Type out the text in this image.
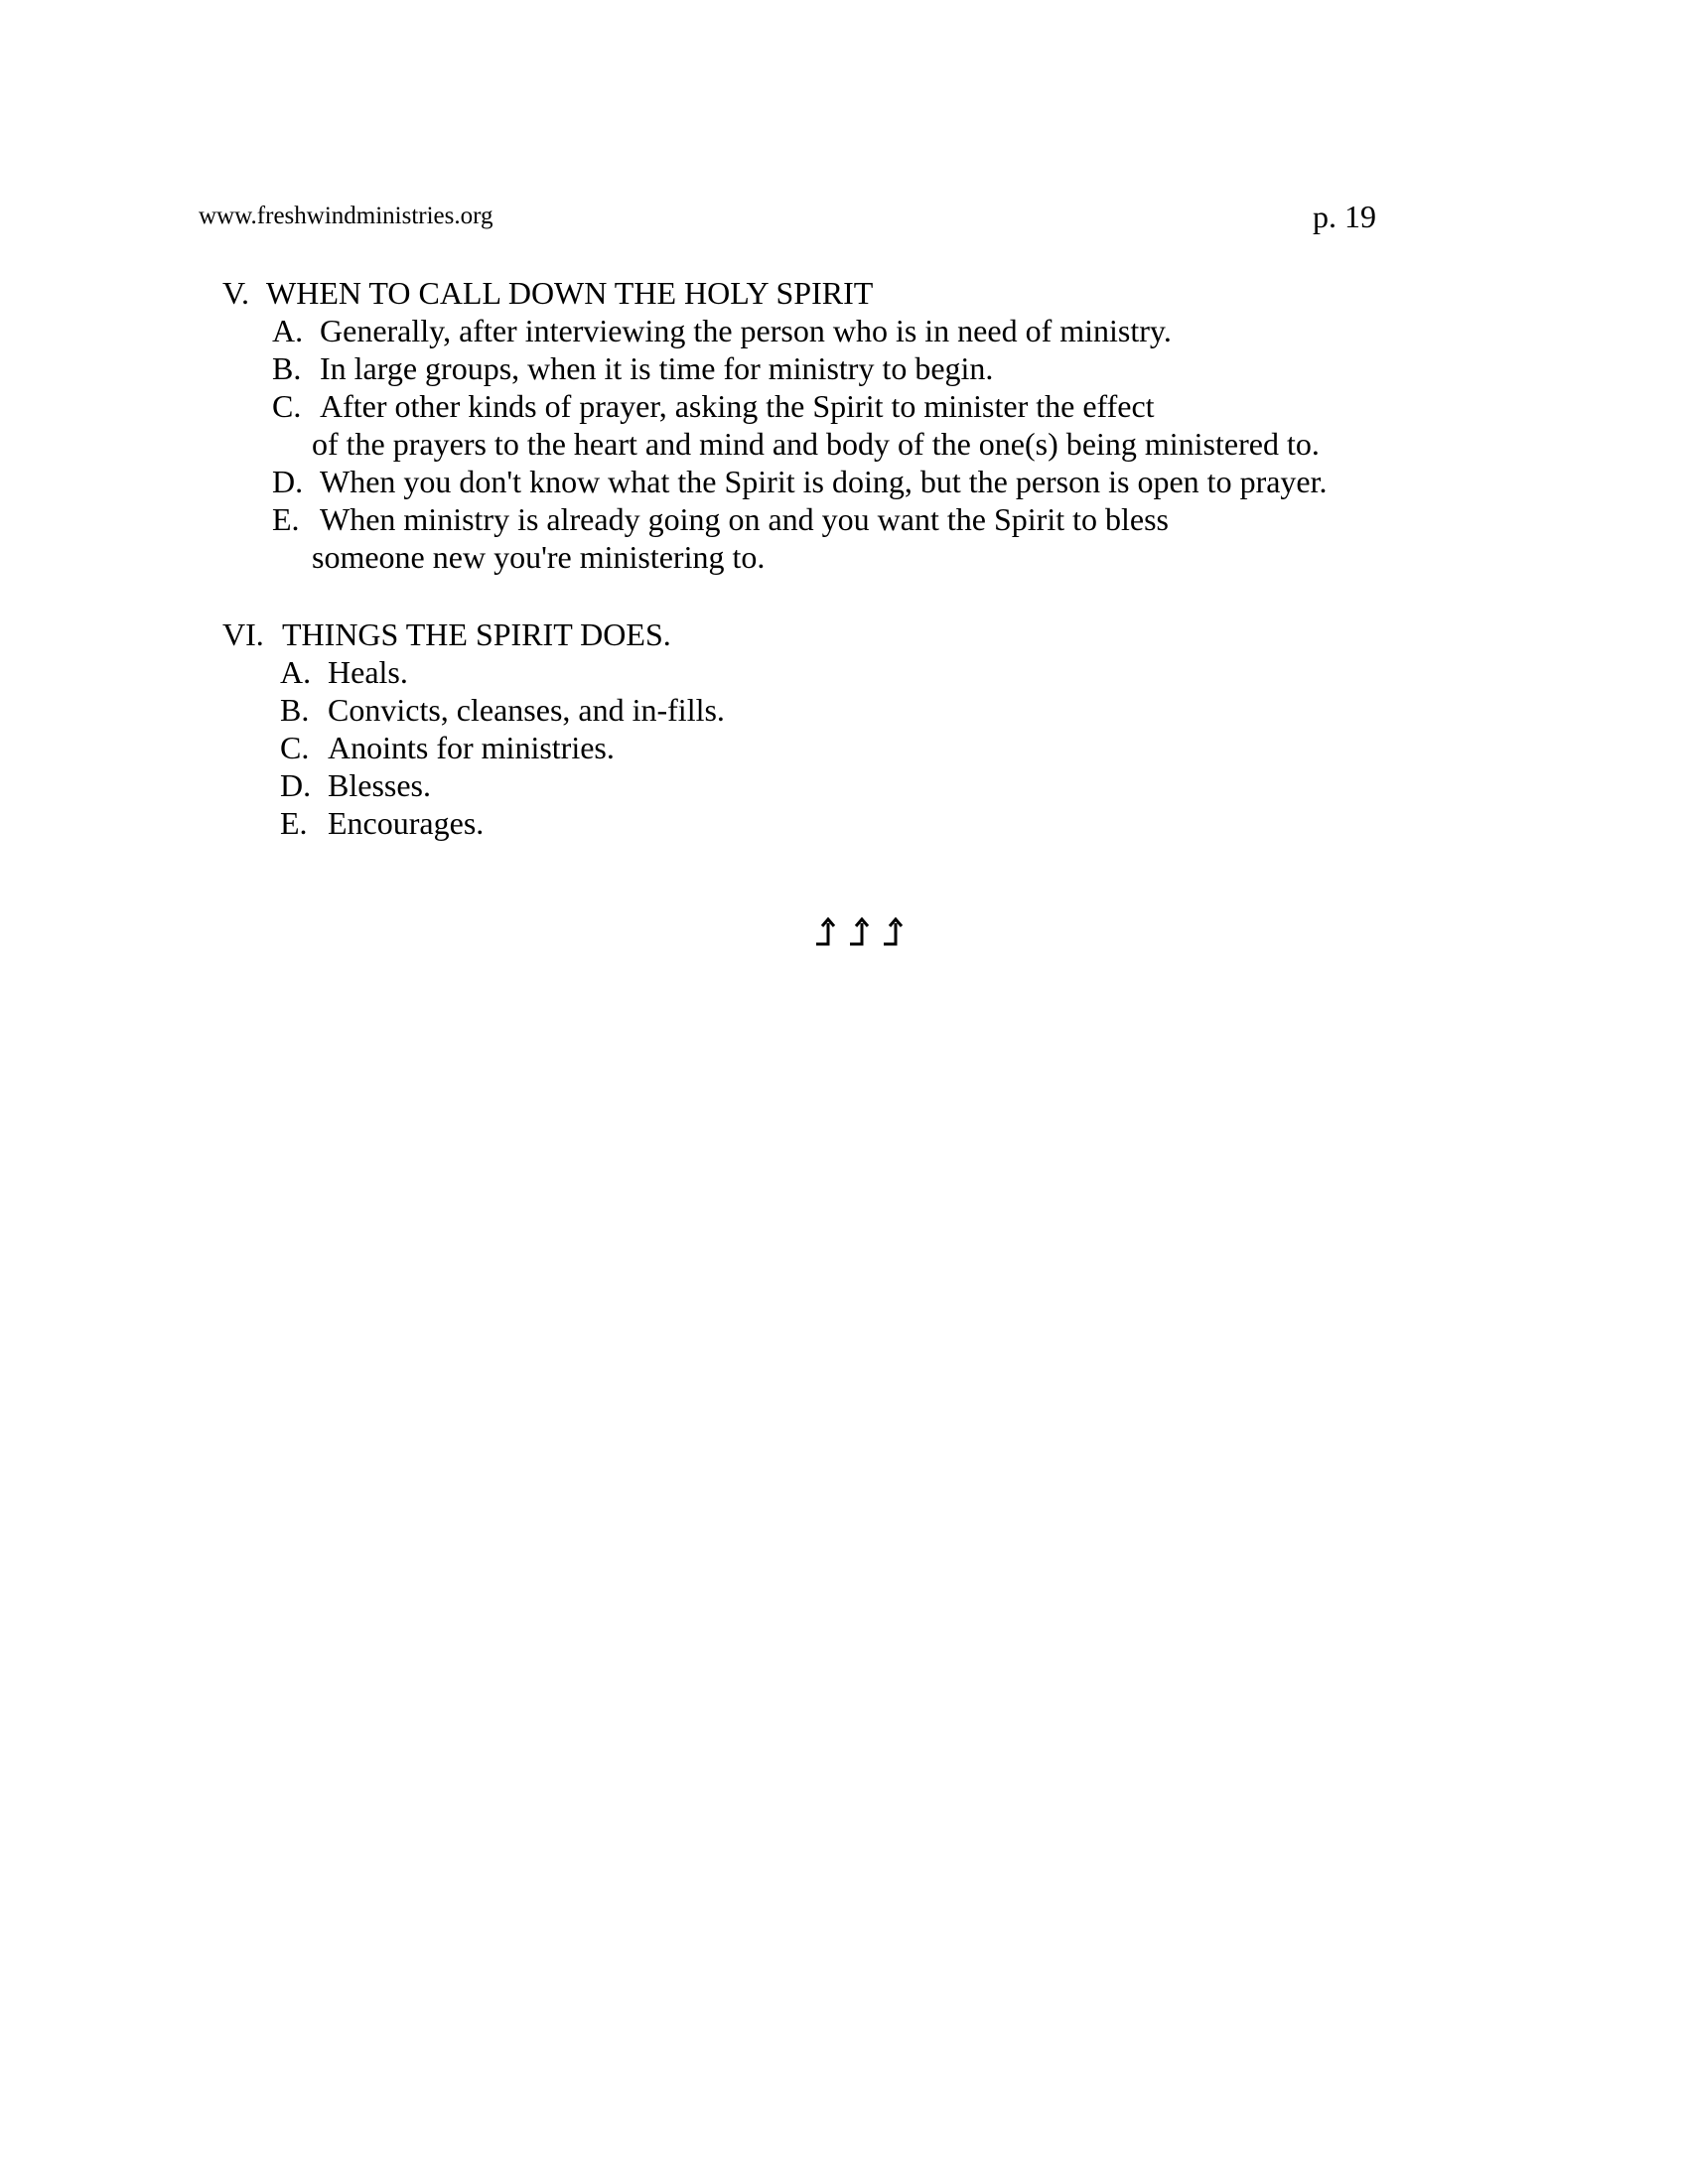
www.freshwindministries.org	p. 19
V. WHEN TO CALL DOWN THE HOLY SPIRIT
A. Generally, after interviewing the person who is in need of ministry.
B. In large groups, when it is time for ministry to begin.
C. After other kinds of prayer, asking the Spirit to minister the effect
of the prayers to the heart and mind and body of the one(s) being ministered to.
D. When you don't know what the Spirit is doing, but the person is open to prayer.
E. When ministry is already going on and you want the Spirit to bless
someone new you're ministering to.
VI. THINGS THE SPIRIT DOES.
A. Heals.
B. Convicts, cleanses, and in-fills.
C. Anoints for ministries.
D. Blesses.
E. Encourages.
